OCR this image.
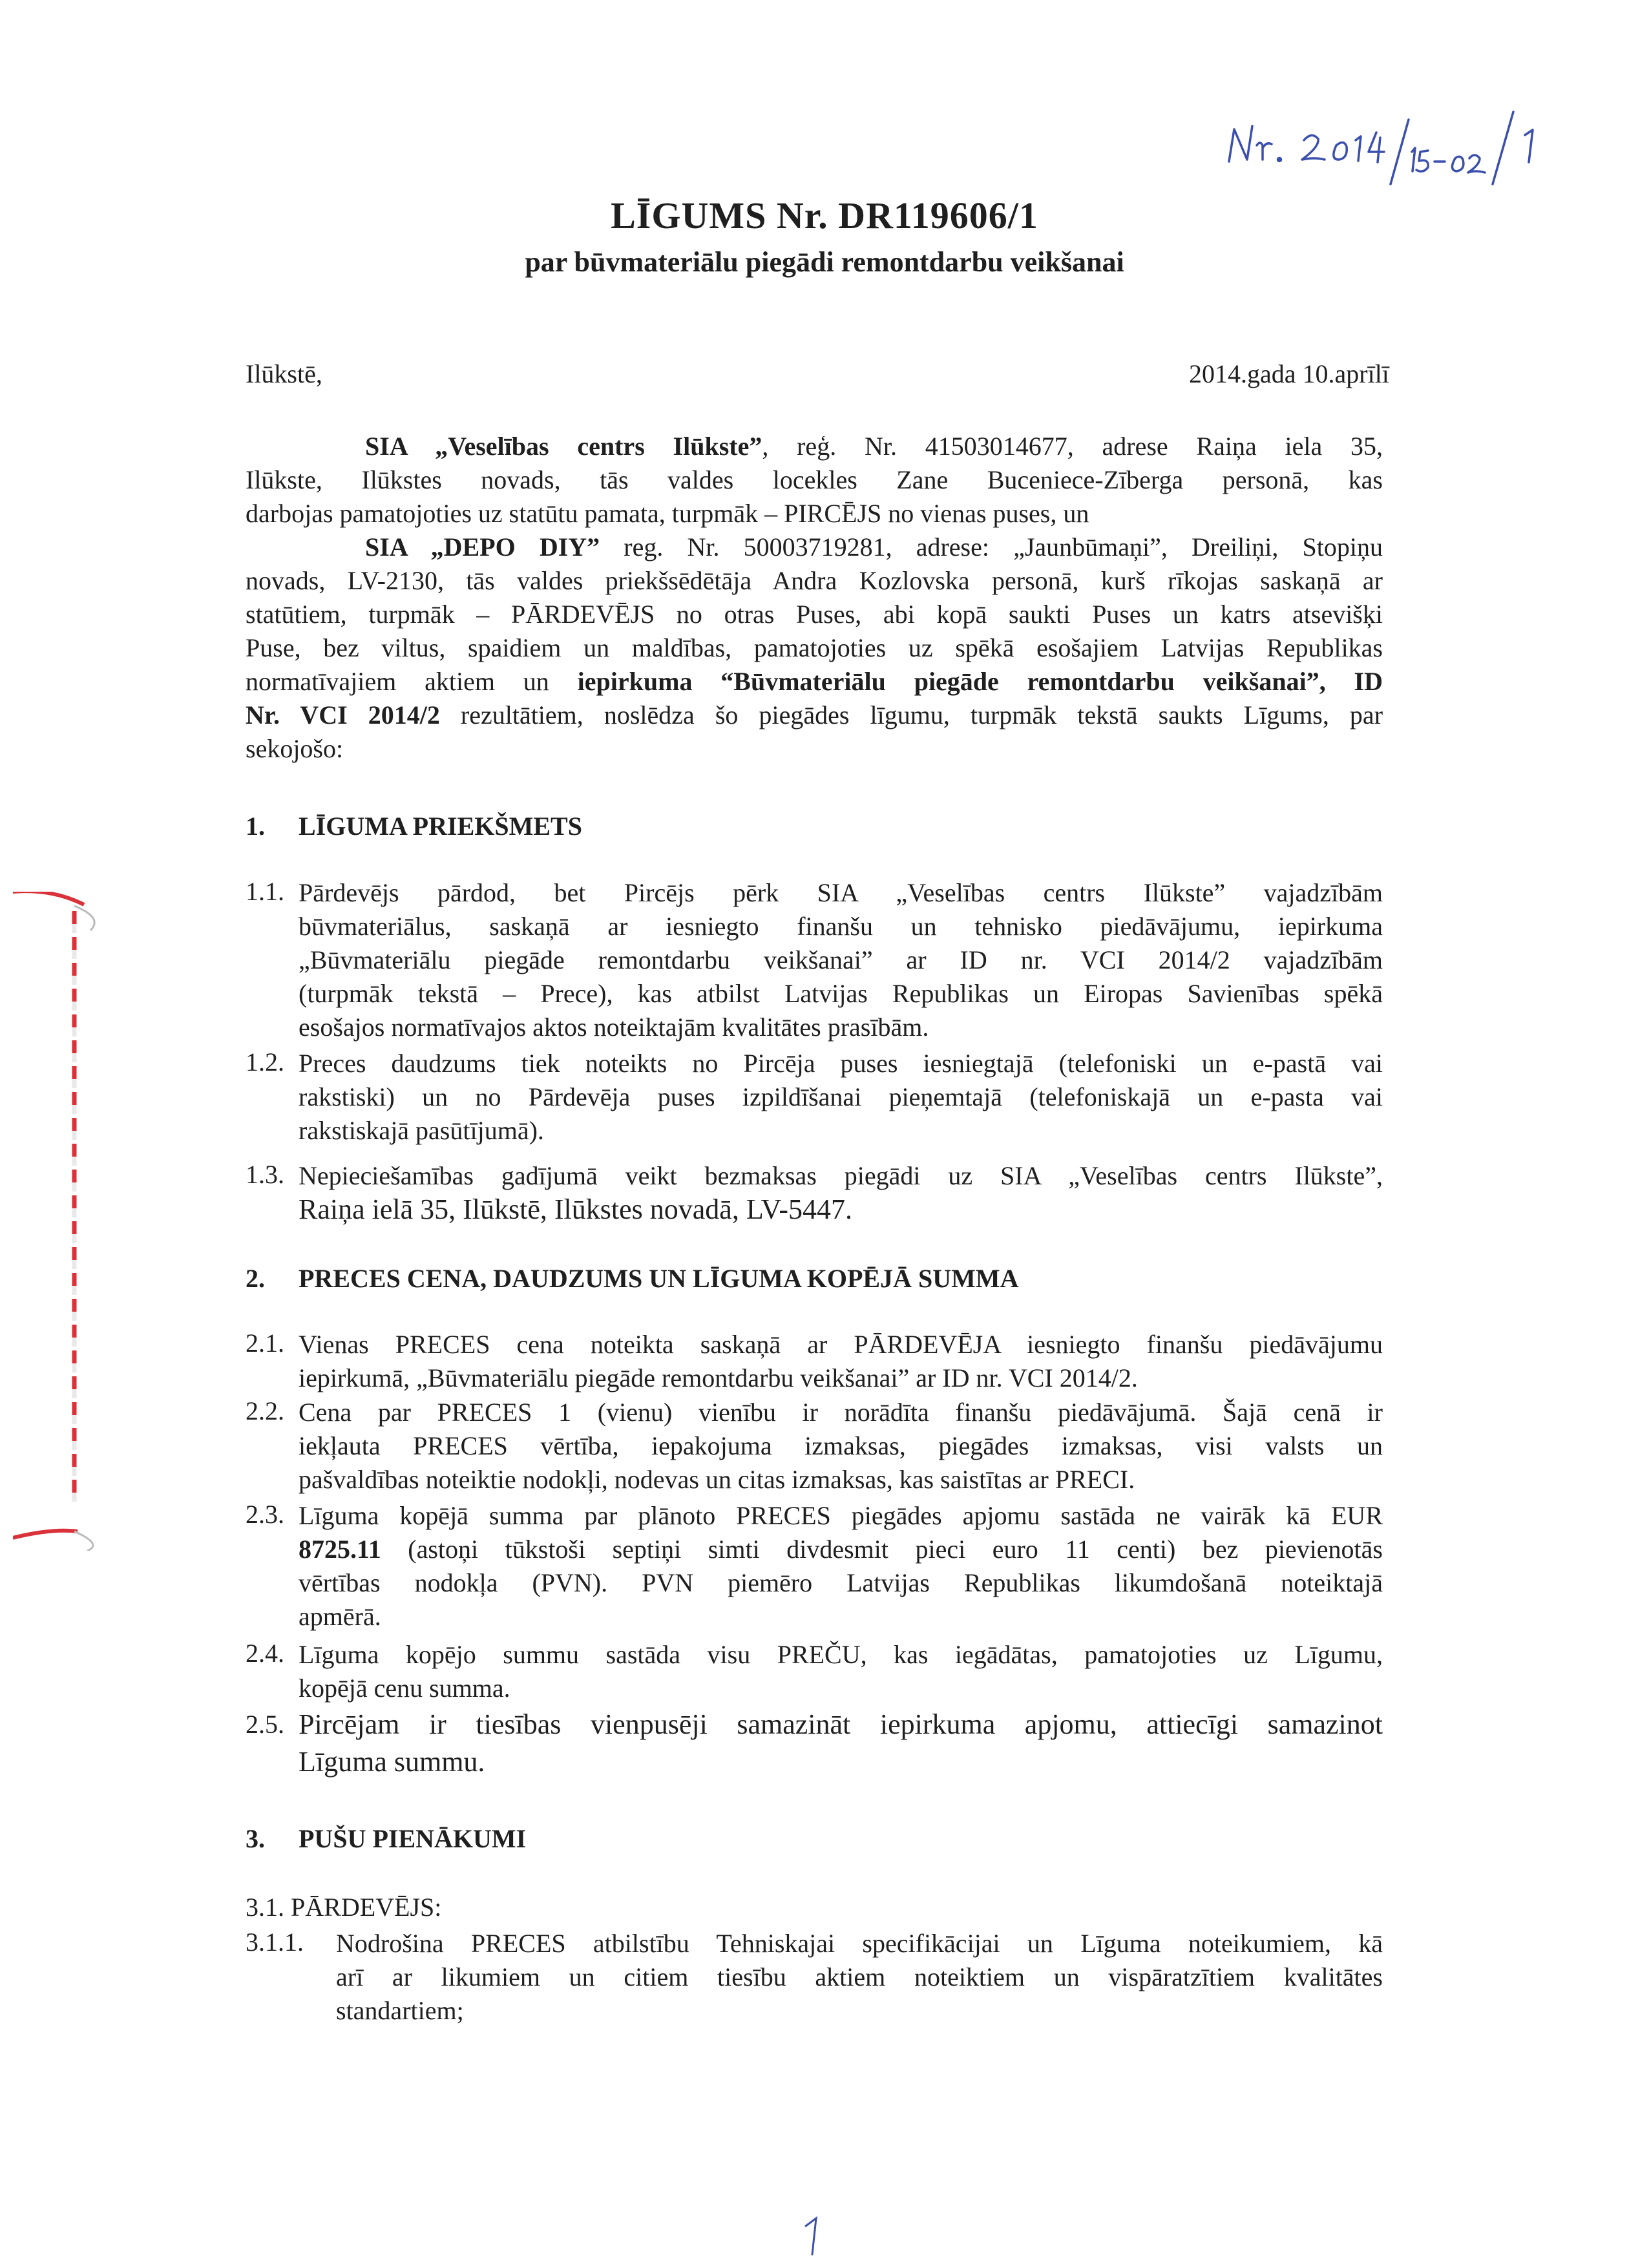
LĪGUMS Nr. DR119606/1
par būvmateriālu piegādi remontdarbu veikšanai
Ilūkstē,	2014.gada 10.aprīlī
SIA „Veselības centrs Ilūkste”, reģ. Nr. 41503014677, adrese Raiņa iela 35,
Ilūkste, Ilūkstes novads, tās valdes locekles Zane Buceniece-Zīberga personā, kas
darbojas pamatojoties uz statūtu pamata, turpmāk – PIRCĒJS no vienas puses, un
SIA „DEPO DIY” reg. Nr. 50003719281, adrese: „Jaunbūmaņi”, Dreiliņi, Stopiņu
novads, LV-2130, tās valdes priekšsēdētāja Andra Kozlovska personā, kurš rīkojas saskaņā ar
statūtiem, turpmāk – PĀRDEVĒJS no otras Puses, abi kopā saukti Puses un katrs atsevišķi
Puse, bez viltus, spaidiem un maldības, pamatojoties uz spēkā esošajiem Latvijas Republikas
normatīvajiem aktiem un iepirkuma “Būvmateriālu piegāde remontdarbu veikšanai”, ID
Nr. VCI 2014/2 rezultātiem, noslēdza šo piegādes līgumu, turpmāk tekstā saukts Līgums, par
sekojošo:
1. LĪGUMA PRIEKŠMETS
1.1. Pārdevējs pārdod, bet Pircējs pērk SIA „Veselības centrs Ilūkste” vajadzībām
būvmateriālus, saskaņā ar iesniegto finanšu un tehnisko piedāvājumu, iepirkuma
„Būvmateriālu piegāde remontdarbu veikšanai” ar ID nr. VCI 2014/2 vajadzībām
(turpmāk tekstā – Prece), kas atbilst Latvijas Republikas un Eiropas Savienības spēkā
esošajos normatīvajos aktos noteiktajām kvalitātes prasībām.
1.2. Preces daudzums tiek noteikts no Pircēja puses iesniegtajā (telefoniski un e-pastā vai
rakstiski) un no Pārdevēja puses izpildīšanai pieņemtajā (telefoniskajā un e-pasta vai
rakstiskajā pasūtījumā).
1.3. Nepieciešamības gadījumā veikt bezmaksas piegādi uz SIA „Veselības centrs Ilūkste”,
Raiņa ielā 35, Ilūkstē, Ilūkstes novadā, LV-5447.
2. PRECES CENA, DAUDZUMS UN LĪGUMA KOPĒJĀ SUMMA
2.1. Vienas PRECES cena noteikta saskaņā ar PĀRDEVĒJA iesniegto finanšu piedāvājumu
iepirkumā, „Būvmateriālu piegāde remontdarbu veikšanai” ar ID nr. VCI 2014/2.
2.2. Cena par PRECES 1 (vienu) vienību ir norādīta finanšu piedāvājumā. Šajā cenā ir
iekļauta PRECES vērtība, iepakojuma izmaksas, piegādes izmaksas, visi valsts un
pašvaldības noteiktie nodokļi, nodevas un citas izmaksas, kas saistītas ar PRECI.
2.3. Līguma kopējā summa par plānoto PRECES piegādes apjomu sastāda ne vairāk kā EUR
8725.11 (astoņi tūkstoši septiņi simti divdesmit pieci euro 11 centi) bez pievienotās
vērtības nodokļa (PVN). PVN piemēro Latvijas Republikas likumdošanā noteiktajā
apmērā.
2.4. Līguma kopējo summu sastāda visu PREČU, kas iegādātas, pamatojoties uz Līgumu,
kopējā cenu summa.
2.5. Pircējam ir tiesības vienpusēji samazināt iepirkuma apjomu, attiecīgi samazinot
Līguma summu.
3. PUŠU PIENĀKUMI
3.1. PĀRDEVĒJS:
3.1.1. Nodrošina PRECES atbilstību Tehniskajai specifikācijai un Līguma noteikumiem, kā
arī ar likumiem un citiem tiesību aktiem noteiktiem un vispāratzītiem kvalitātes
standartiem;
